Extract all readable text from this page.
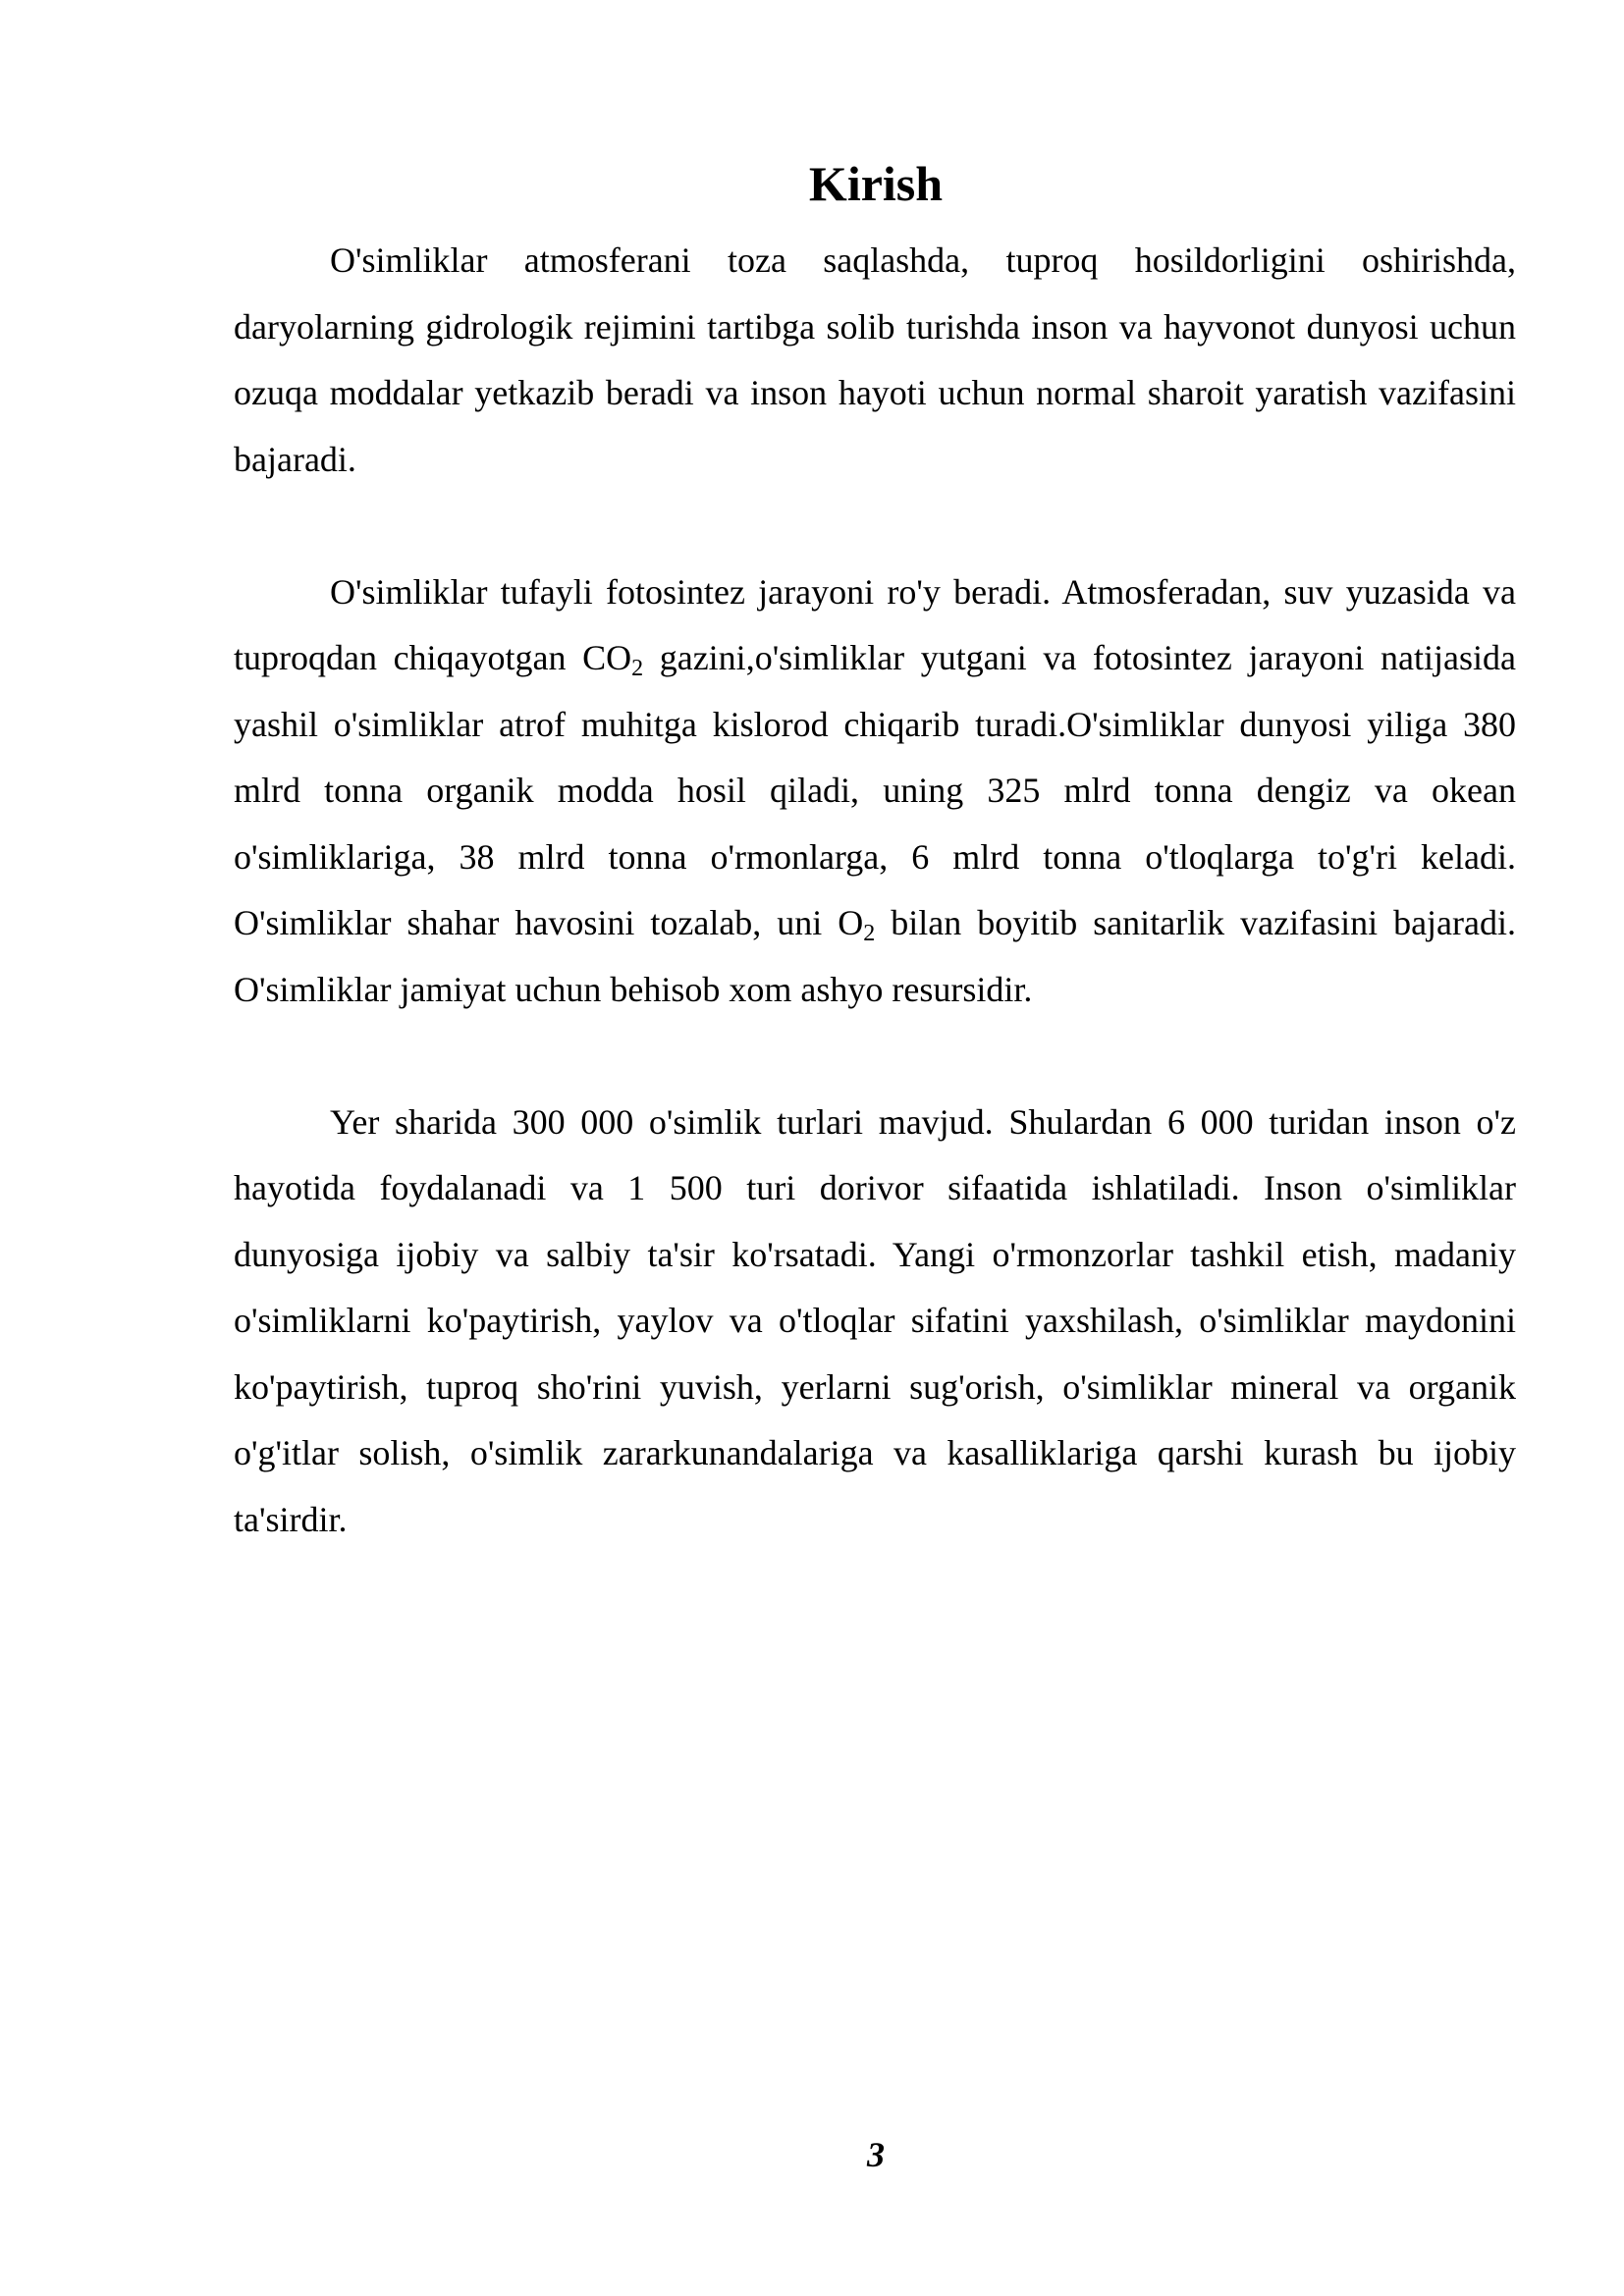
Kirish

O'simliklar atmosferani toza saqlashda, tuproq hosildorligini oshirishda, daryolarning gidrologik rejimini tartibga solib turishda inson va hayvonot dunyosi uchun ozuqa moddalar yetkazib beradi va inson hayoti uchun normal sharoit yaratish vazifasini bajaradi.

O'simliklar tufayli fotosintez jarayoni ro'y beradi. Atmosferadan, suv yuzasida va tuproqdan chiqayotgan $CO_2$ gazini,o'simliklar yutgani va fotosintez jarayoni natijasida yashil o'simliklar atrof muhitga kislorod chiqarib turadi.O'simliklar dunyosi yiliga 380 mlrd tonna organik modda hosil qiladi, uning 325 mlrd tonna dengiz va okean o'simliklariga, 38 mlrd tonna o'rmonlarga, 6 mlrd tonna o'tloqlarga to'g'ri keladi. O'simliklar shahar havosini tozalab, uni $O_2$ bilan boyitib sanitarlik vazifasini bajaradi. O'simliklar jamiyat uchun behisob xom ashyo resursidir.

Yer sharida 300 000 o'simlik turlari mavjud. Shulardan 6 000 turidan inson o'z hayotida foydalanadi va 1 500 turi dorivor sifaatida ishlatiladi. Inson o'simliklar dunyosiga ijobiy va salbiy ta'sir ko'rsatadi. Yangi o'rmonzorlar tashkil etish, madaniy o'simliklarni ko'paytirish, yaylov va o'tloqlar sifatini yaxshilash, o'simliklar maydonini ko'paytirish, tuproq sho'rini yuvish, yerlarni sug'orish, o'simliklar mineral va organik o'g'itlar solish, o'simlik zararkunandalariga va kasalliklariga qarshi kurash bu ijobiy ta'sirdir.

3
